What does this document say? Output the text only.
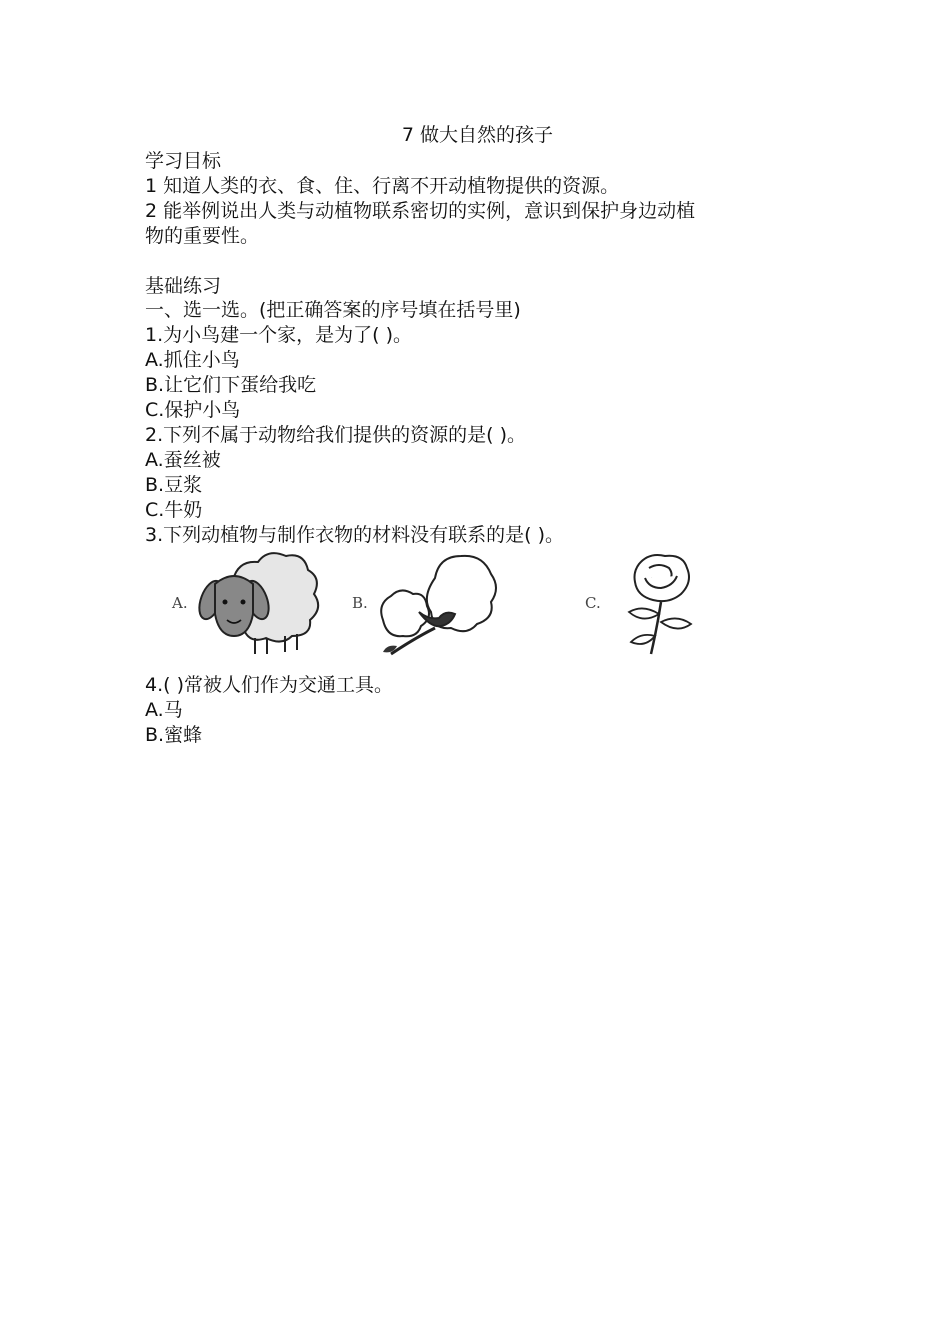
7 做大自然的孩子
学习目标
1 知道人类的衣、食、住、行离不开动植物提供的资源。
2 能举例说出人类与动植物联系密切的实例，意识到保护身边动植
物的重要性。
基础练习
一、选一选。(把正确答案的序号填在括号里)
1.为小鸟建一个家，是为了( )。
A.抓住小鸟
B.让它们下蛋给我吃
C.保护小鸟
2.下列不属于动物给我们提供的资源的是( )。
A.蚕丝被
B.豆浆
C.牛奶
3.下列动植物与制作衣物的材料没有联系的是( )。
A.	B.	C.
4.( )常被人们作为交通工具。
A.马
B.蜜蜂
